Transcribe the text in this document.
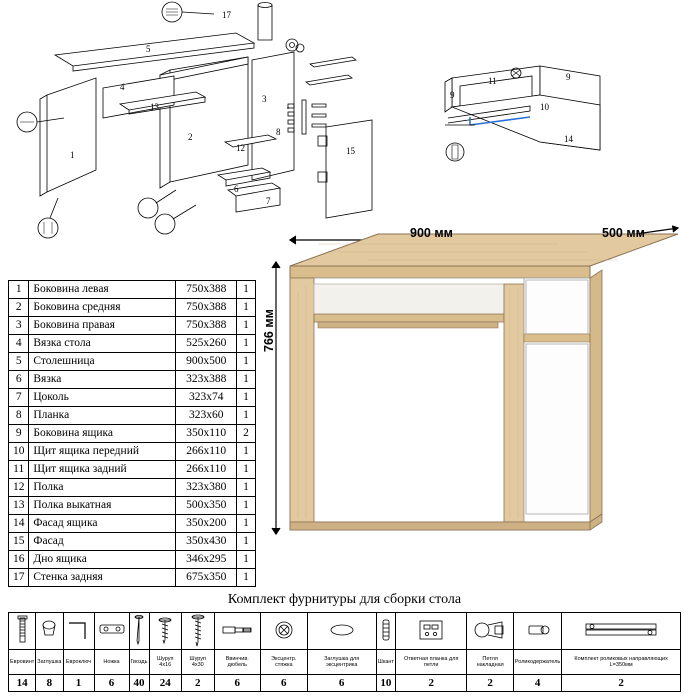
17
5
4
13
1
2
3
12
6
7
8
15
11	9
9
10
14
1	Боковина левая	750х388	1
2	Боковина средняя	750х388	1
3	Боковина правая	750х388	1
4	Вязка стола	525х260	1
5	Столешница	900х500	1
6	Вязка	323х388	1
7	Цоколь	323х74	1
8	Планка	323х60	1
9	Боковина ящика	350х110	2
10	Щит ящика передний	266х110	1
11	Щит ящика задний	266х110	1
12	Полка	323х380	1
13	Полка выкатная	500х350	1
14	Фасад ящика	350х200	1
15	Фасад	350х430	1
16	Дно ящика	346х295	1
17	Стенка задняя	675х350	1
900 мм	500 мм
766 мм
Комплект фурнитуры для сборки стола

Евровинт	Заглушка	Евроключ	Ножка	Гвоздь	Шуруп 4х16	Шуруп 4х30	Ввинчив. дюбель	Эксцентр. стяжка	Заглушка для эксцентрика	Шкант	Ответная планка для петли	Петля накладная	Роликодержатель	Комплект роликовых направляющих L=350мм
14	8	1	6	40	24	2	6	6	6	10	2	2	4	2
